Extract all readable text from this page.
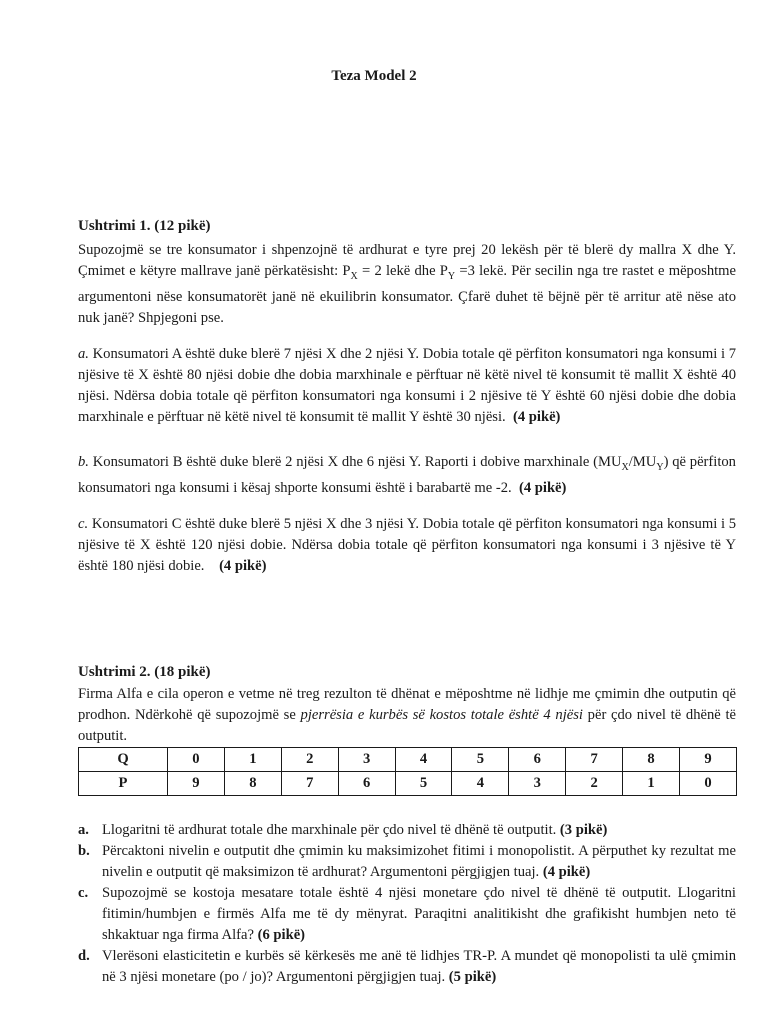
Teza Model 2
Ushtrimi 1. (12 pikë)
Supozojmë se tre konsumator i shpenzojnë të ardhurat e tyre prej 20 lekësh për të blerë dy mallra X dhe Y. Çmimet e këtyre mallrave janë përkatësisht: $P_X = 2$ lekë dhe $P_Y =3$ lekë. Për secilin nga tre rastet e mëposhtme argumentoni nëse konsumatorët janë në ekuilibrin konsumator. Çfarë duhet të bëjnë për të arritur atë nëse ato nuk janë? Shpjegoni pse.
a. Konsumatori A është duke blerë 7 njësi X dhe 2 njësi Y. Dobia totale që përfiton konsumatori nga konsumi i 7 njësive të X është 80 njësi dobie dhe dobia marxhinale e përftuar në këtë nivel të konsumit të mallit X është 40 njësi. Ndërsa dobia totale që përfiton konsumatori nga konsumi i 2 njësive të Y është 60 njësi dobie dhe dobia marxhinale e përftuar në këtë nivel të konsumit të mallit Y është 30 njësi. (4 pikë)
b. Konsumatori B është duke blerë 2 njësi X dhe 6 njësi Y. Raporti i dobive marxhinale $(MU_X/MU_Y)$ që përfiton konsumatori nga konsumi i kësaj shporte konsumi është i barabartë me -2. (4 pikë)
c. Konsumatori C është duke blerë 5 njësi X dhe 3 njësi Y. Dobia totale që përfiton konsumatori nga konsumi i 5 njësive të X është 120 njësi dobie. Ndërsa dobia totale që përfiton konsumatori nga konsumi i 3 njësive të Y është 180 njësi dobie. (4 pikë)
Ushtrimi 2. (18 pikë)
Firma Alfa e cila operon e vetme në treg rezulton të dhënat e mëposhtme në lidhje me çmimin dhe outputin që prodhon. Ndërkohë që supozojmë se pjerrësia e kurbës së kostos totale është 4 njësi për çdo nivel të dhënë të outputit.
Q	0	1	2	3	4	5	6	7	8	9
P	9	8	7	6	5	4	3	2	1	0
a. Llogaritni të ardhurat totale dhe marxhinale për çdo nivel të dhënë të outputit. (3 pikë)
b. Përcaktoni nivelin e outputit dhe çmimin ku maksimizohet fitimi i monopolistit. A përputhet ky rezultat me nivelin e outputit që maksimizon të ardhurat? Argumentoni përgjigjen tuaj. (4 pikë)
c. Supozojmë se kostoja mesatare totale është 4 njësi monetare çdo nivel të dhënë të outputit. Llogaritni fitimin/humbjen e firmës Alfa me të dy mënyrat. Paraqitni analitikisht dhe grafikisht humbjen neto të shkaktuar nga firma Alfa? (6 pikë)
d. Vlerësoni elasticitetin e kurbës së kërkesës me anë të lidhjes TR-P. A mundet që monopolisti ta ulë çmimin në 3 njësi monetare (po / jo)? Argumentoni përgjigjen tuaj. (5 pikë)
